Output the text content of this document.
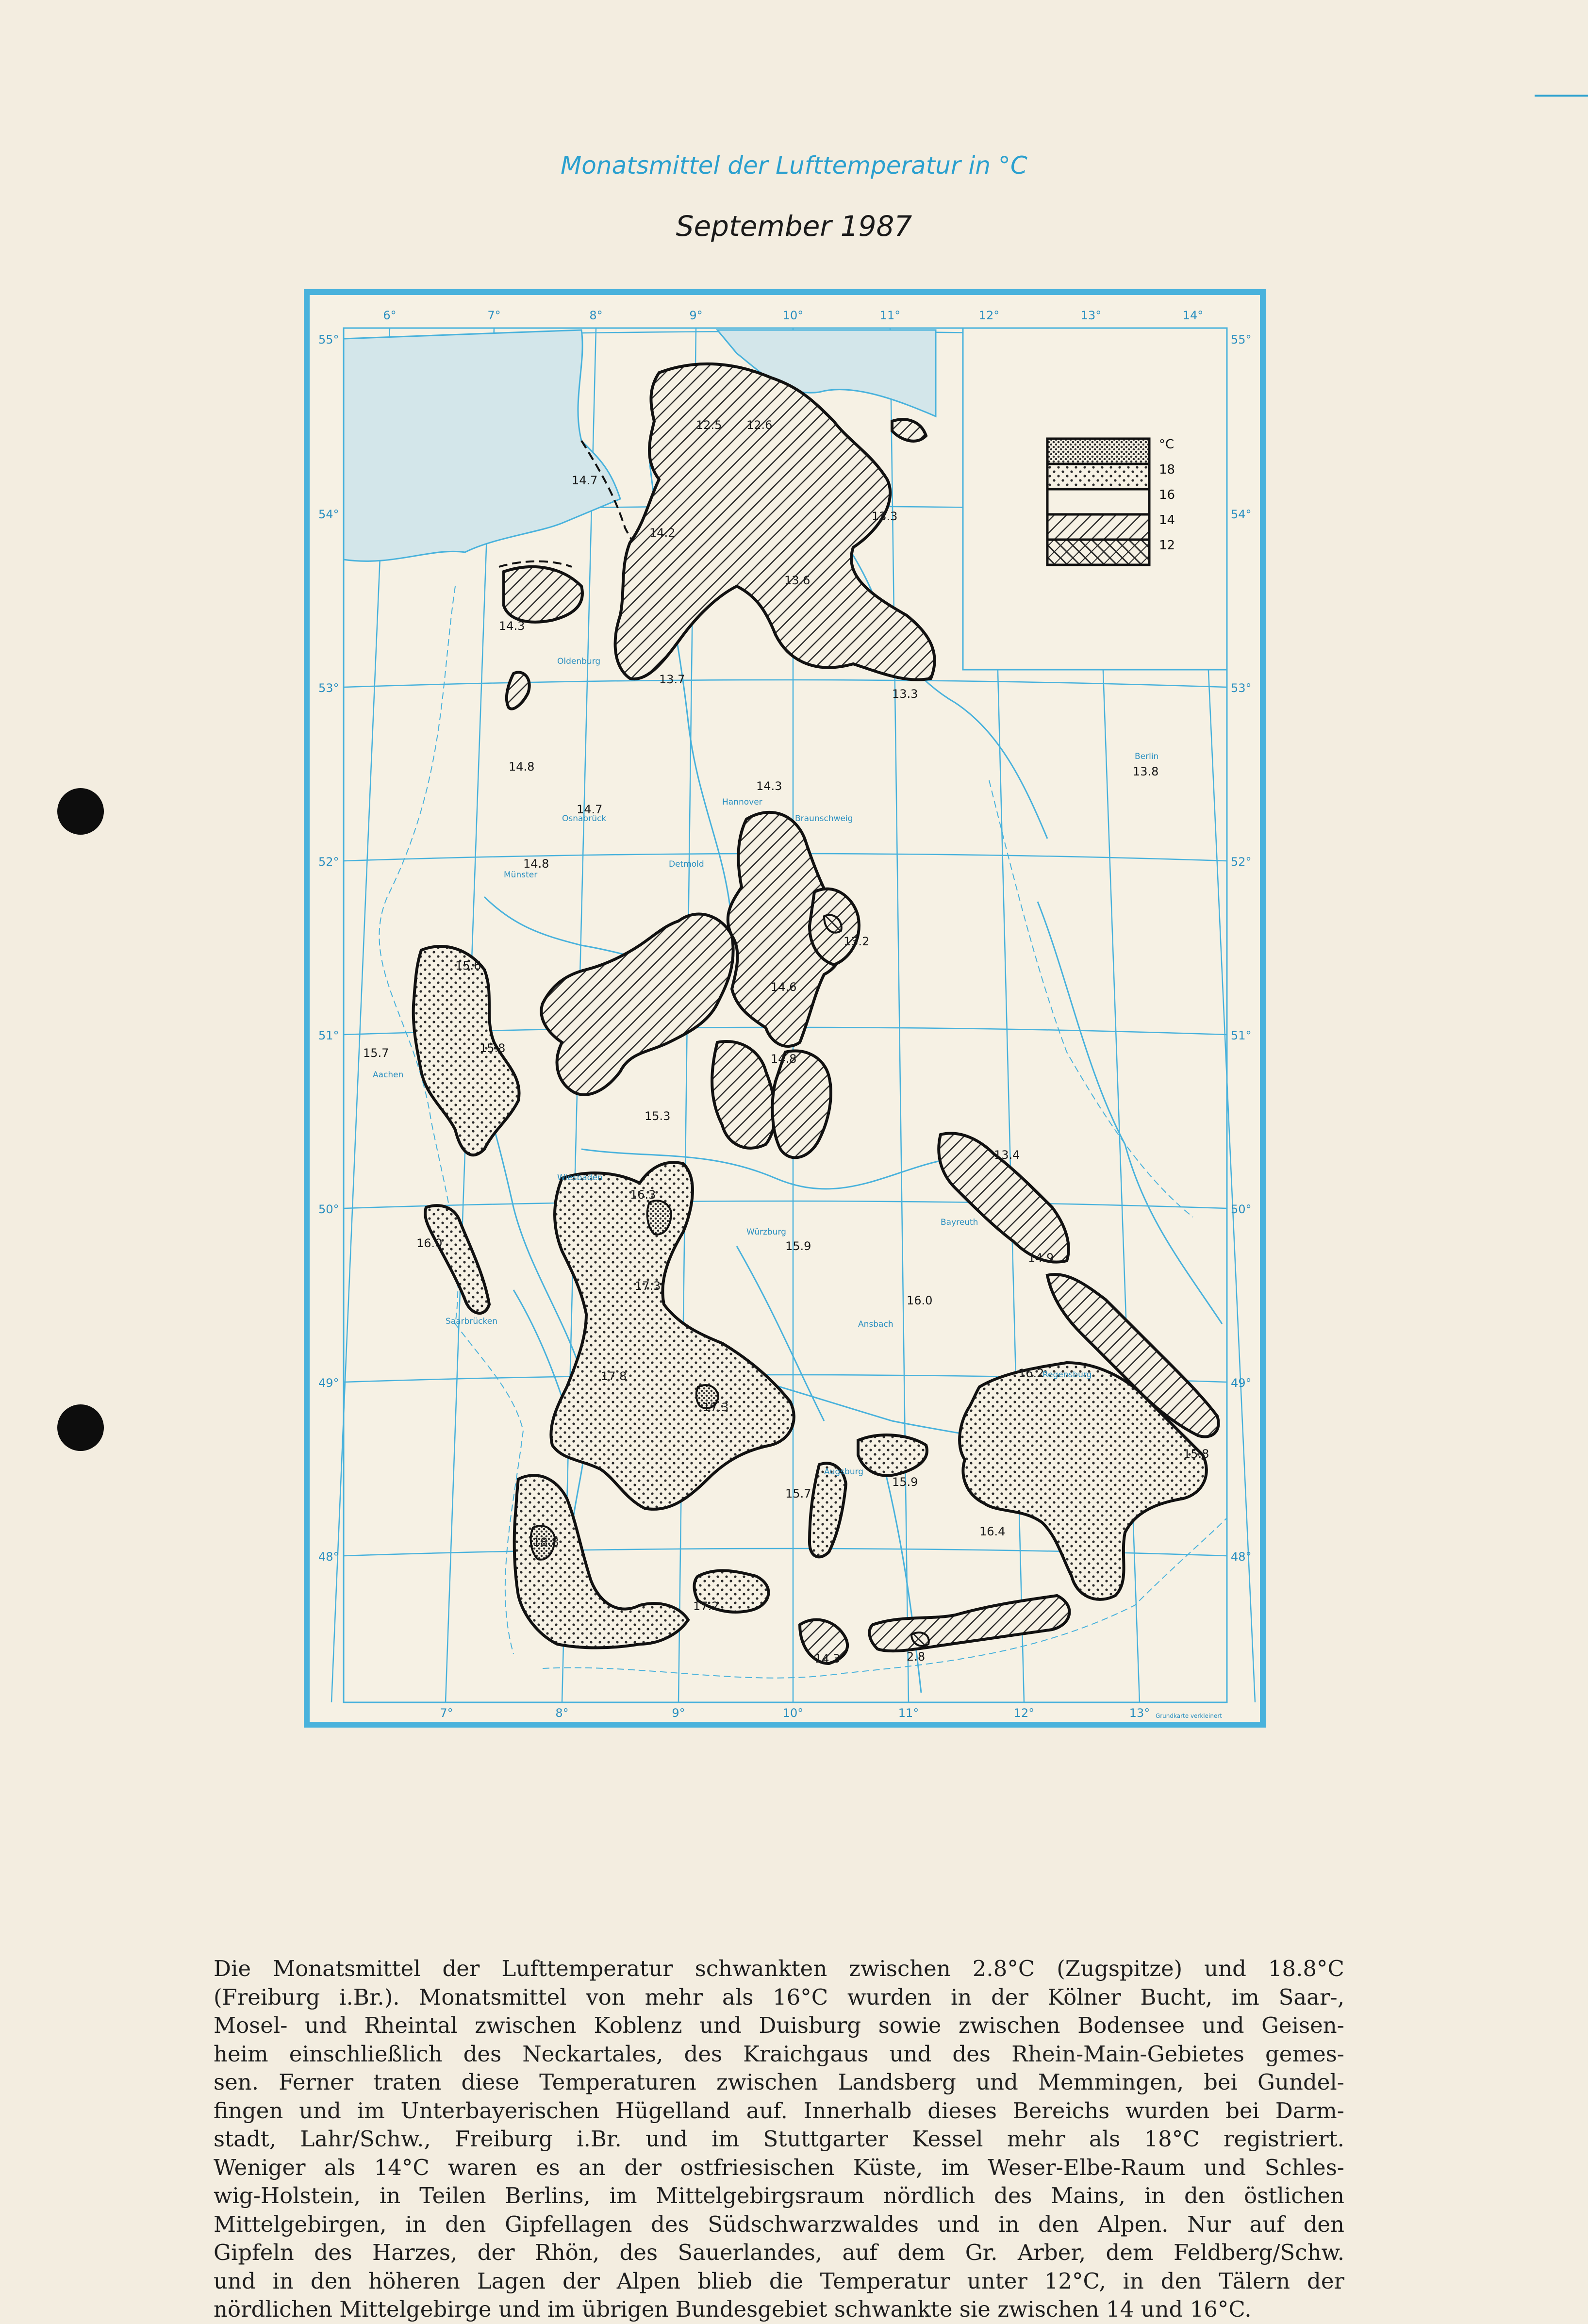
Monatsmittel der Lufttemperatur in °C
September 1987
°C
18
16
14
12
6°	7°	8°	9°	10°	11°	12°	13°	14°
7°	8°	9°	10°	11°	12°	13°
55°
54°
53°
52°
51°
50°
49°
48°
55°
54°
53°
52°
51°
50°
49°
48°
Oldenburg
Hannover
Braunschweig
Osnabrück
Münster
Detmold
Berlin
Bayreuth
Würzburg
Wiesbaden
Saarbrücken	Ansbach
Regensburg
Augsburg
Aachen
12.5 12.6
14.7
14.2
13.3
13.6
14.3
13.7
13.3
14.8
14.3
13.8
14.7
14.8
13.2
15.6
14.6
15.7	15.8
14.8
15.3
13.4
16.3
16.0	15.9
14.9
17.3
16.0
17.8	16.2
17.3
15.8
15.7
15.9
16.4
18.8
17.2
14.3	2.8
Grundkarte verkleinert
Die Monatsmittel der Lufttemperatur schwankten zwischen 2.8°C (Zugspitze) und 18.8°C
(Freiburg i.Br.). Monatsmittel von mehr als 16°C wurden in der Kölner Bucht, im Saar-,
Mosel- und Rheintal zwischen Koblenz und Duisburg sowie zwischen Bodensee und Geisen-
heim einschließlich des Neckartales, des Kraichgaus und des Rhein-Main-Gebietes gemes-
sen. Ferner traten diese Temperaturen zwischen Landsberg und Memmingen, bei Gundel-
fingen und im Unterbayerischen Hügelland auf. Innerhalb dieses Bereichs wurden bei Darm-
stadt, Lahr/Schw., Freiburg i.Br. und im Stuttgarter Kessel mehr als 18°C registriert.
Weniger als 14°C waren es an der ostfriesischen Küste, im Weser-Elbe-Raum und Schles-
wig-Holstein, in Teilen Berlins, im Mittelgebirgsraum nördlich des Mains, in den östlichen
Mittelgebirgen, in den Gipfellagen des Südschwarzwaldes und in den Alpen. Nur auf den
Gipfeln des Harzes, der Rhön, des Sauerlandes, auf dem Gr. Arber, dem Feldberg/Schw.
und in den höheren Lagen der Alpen blieb die Temperatur unter 12°C, in den Tälern der
nördlichen Mittelgebirge und im übrigen Bundesgebiet schwankte sie zwischen 14 und 16°C.
